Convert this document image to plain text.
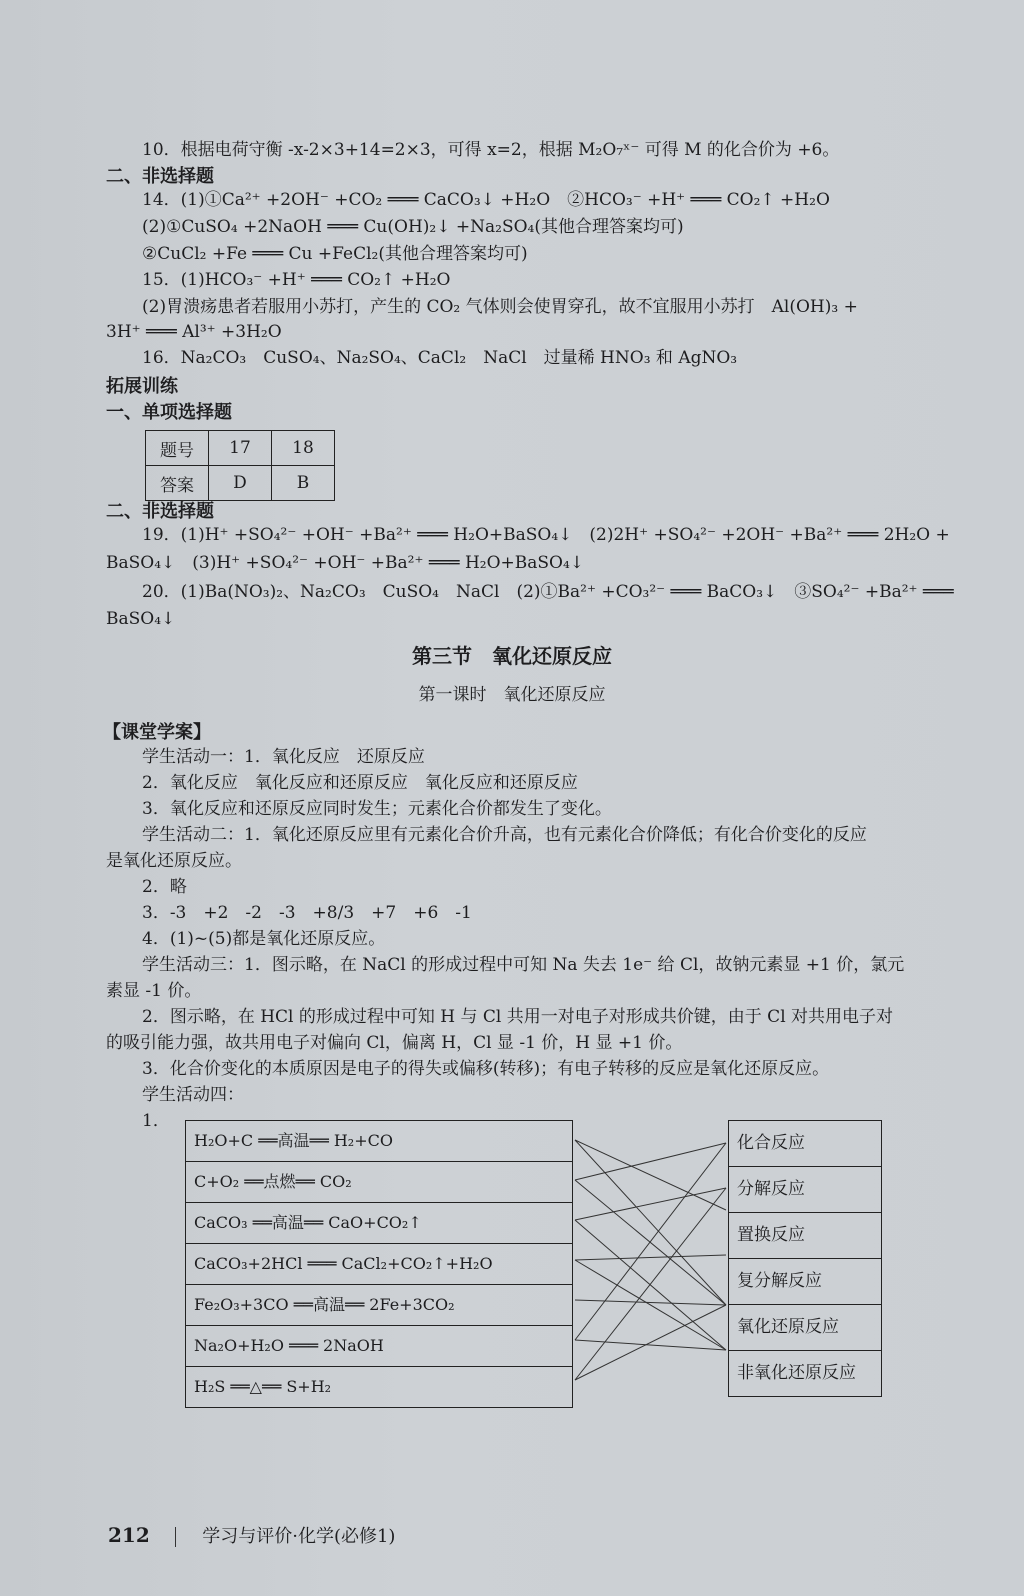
10．根据电荷守衡 -x-2×3+14=2×3，可得 x=2，根据 M₂O₇ˣ⁻ 可得 M 的化合价为 +6。
二、非选择题
14．(1)①Ca²⁺ +2OH⁻ +CO₂ ═══ CaCO₃↓ +H₂O　②HCO₃⁻ +H⁺ ═══ CO₂↑ +H₂O
(2)①CuSO₄ +2NaOH ═══ Cu(OH)₂↓ +Na₂SO₄(其他合理答案均可)
②CuCl₂ +Fe ═══ Cu +FeCl₂(其他合理答案均可)
15．(1)HCO₃⁻ +H⁺ ═══ CO₂↑ +H₂O
(2)胃溃疡患者若服用小苏打，产生的 CO₂ 气体则会使胃穿孔，故不宜服用小苏打　Al(OH)₃ +
3H⁺ ═══ Al³⁺ +3H₂O
16．Na₂CO₃　CuSO₄、Na₂SO₄、CaCl₂　NaCl　过量稀 HNO₃ 和 AgNO₃
拓展训练
一、单项选择题
题号	17	18
答案	D	B
二、非选择题
19．(1)H⁺ +SO₄²⁻ +OH⁻ +Ba²⁺ ═══ H₂O+BaSO₄↓　(2)2H⁺ +SO₄²⁻ +2OH⁻ +Ba²⁺ ═══ 2H₂O +
BaSO₄↓　(3)H⁺ +SO₄²⁻ +OH⁻ +Ba²⁺ ═══ H₂O+BaSO₄↓
20．(1)Ba(NO₃)₂、Na₂CO₃　CuSO₄　NaCl　(2)①Ba²⁺ +CO₃²⁻ ═══ BaCO₃↓　③SO₄²⁻ +Ba²⁺ ═══
BaSO₄↓
第三节　氧化还原反应
第一课时　氧化还原反应
【课堂学案】
学生活动一：1．氧化反应　还原反应
2．氧化反应　氧化反应和还原反应　氧化反应和还原反应
3．氧化反应和还原反应同时发生；元素化合价都发生了变化。
学生活动二：1．氧化还原反应里有元素化合价升高，也有元素化合价降低；有化合价变化的反应
是氧化还原反应。
2．略
3．-3　+2　-2　-3　+8/3　+7　+6　-1
4．(1)~(5)都是氧化还原反应。
学生活动三：1．图示略，在 NaCl 的形成过程中可知 Na 失去 1e⁻ 给 Cl，故钠元素显 +1 价，氯元
素显 -1 价。
2．图示略，在 HCl 的形成过程中可知 H 与 Cl 共用一对电子对形成共价键，由于 Cl 对共用电子对
的吸引能力强，故共用电子对偏向 Cl，偏离 H，Cl 显 -1 价，H 显 +1 价。
3．化合价变化的本质原因是电子的得失或偏移(转移)；有电子转移的反应是氧化还原反应。
学生活动四：
1．
H₂O+C ══高温══ H₂+CO
C+O₂ ══点燃══ CO₂
CaCO₃ ══高温══ CaO+CO₂↑
CaCO₃+2HCl ═══ CaCl₂+CO₂↑+H₂O
Fe₂O₃+3CO ══高温══ 2Fe+3CO₂
Na₂O+H₂O ═══ 2NaOH
H₂S ══△══ S+H₂
化合反应
分解反应
置换反应
复分解反应
氧化还原反应
非氧化还原反应
212	学习与评价·化学(必修1)
